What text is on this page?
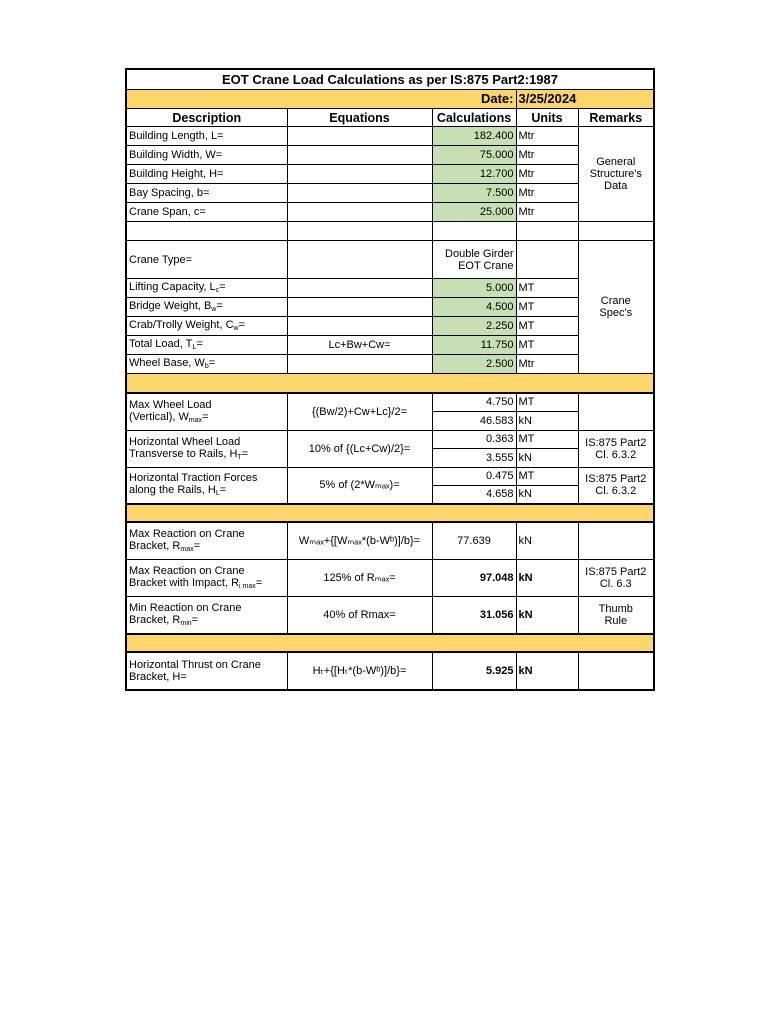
EOT Crane Load Calculations as per IS:875 Part2:1987				
Date:			3/25/2024	
Description	Equations	Calculations	Units	Remarks
Building Length, L=		182.400	Mtr	General Structure's Data
Building Width, W=		75.000	Mtr	
Building Height, H=		12.700	Mtr	
Bay Spacing, b=		7.500	Mtr	
Crane Span, c=		25.000	Mtr	

Crane Type=		Double Girder EOT Crane		Crane Spec's
Lifting Capacity, Lc=		5.000	MT	
Bridge Weight, Bw=		4.500	MT	
Crab/Trolly Weight, Cw=		2.250	MT	
Total Load, TL=	Lᴄ+Bᴡ+Cᴡ=	11.750	MT	
Wheel Base, Wb=		2.500	Mtr	

Max Wheel Load
(Vertical), Wmax=	{(Bᴡ/2)+Cᴡ+Lᴄ}/2=	4.750	MT	
		46.583	kN	
Horizontal Wheel Load
Transverse to Rails, HT=	10% of {(Lᴄ+Cᴡ)/2}=	0.363	MT	IS:875 Part2 Cl. 6.3.2
		3.555	kN	
Horizontal Traction Forces
along the Rails, HL=	5% of (2*Wₘₐₓ)=	0.475	MT	IS:875 Part2 Cl. 6.3.2
		4.658	kN	

Max Reaction on Crane
Bracket, Rmax=	Wₘₐₓ+{[Wₘₐₓ*(b-Wᵇ)]/b}=	77.639	kN	
Max Reaction on Crane
Bracket with Impact, Ri max=	125% of Rₘₐₓ=	97.048	kN	IS:875 Part2 Cl. 6.3
Min Reaction on Crane
Bracket, Rmin=	40% of Rmax=	31.056	kN	Thumb Rule

Horizontal Thrust on Crane
Bracket, H=	Hₜ+{[Hₜ*(b-Wᵇ)]/b}=	5.925	kN	
